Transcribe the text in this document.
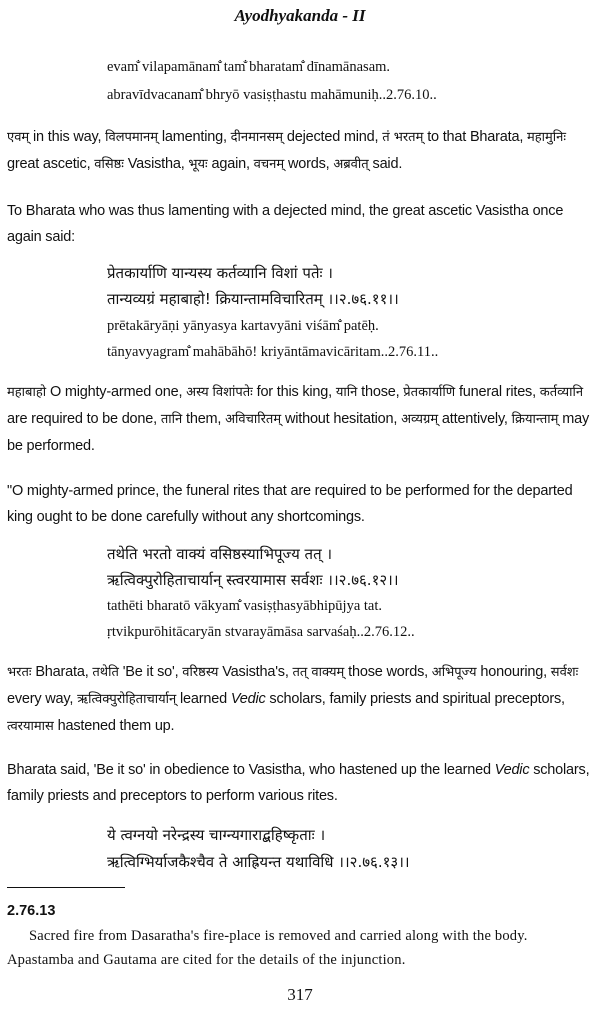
Ayodhyakanda - II
evam̐ vilapamānam̐ tam̐ bharatam̐ dīnamānasam.
abravīdvacanam̐ bhryō vasiṣṭhastu mahāmuniḥ..2.76.10..
एवम् in this way, विलपमानम् lamenting, दीनमानसम् dejected mind, तं भरतम् to that Bharata, महामुनिः great ascetic, वसिष्ठः Vasistha, भूयः again, वचनम् words, अब्रवीत् said.
To Bharata who was thus lamenting with a dejected mind, the great ascetic Vasistha once again said:
प्रेतकार्याणि यान्यस्य कर्तव्यानि विशां पतेः ।
तान्यव्यग्रं महाबाहो! क्रियान्तामविचारितम् ।।२.७६.११।।
prētakāryāṇi yānyasya kartavyāni viśām̐ patēḥ.
tānyavyagram̐ mahābāhō! kriyāntāmavicāritam..2.76.11..
महाबाहो O mighty-armed one, अस्य विशांपतेः for this king, यानि those, प्रेतकार्याणि funeral rites, कर्तव्यानि are required to be done, तानि them, अविचारितम् without hesitation, अव्यग्रम् attentively, क्रियान्ताम् may be performed.
"O mighty-armed prince, the funeral rites that are required to be performed for the departed king ought to be done carefully without any shortcomings.
तथेति भरतो वाक्यं वसिष्ठस्याभिपूज्य तत् ।
ऋत्विक्पुरोहिताचार्यान् स्त्वरयामास सर्वशः ।।२.७६.१२।।
tathēti bharatō vākyam̐ vasiṣṭhasyābhipūjya tat.
ṛtvikpurōhitācaryān stvarayāmāsa sarvaśaḥ..2.76.12..
भरतः Bharata, तथेति 'Be it so', वरिष्ठस्य Vasistha's, तत् वाक्यम् those words, अभिपूज्य honouring, सर्वशः every way, ऋत्विक्पुरोहिताचार्यान् learned Vedic scholars, family priests and spiritual preceptors, त्वरयामास hastened them up.
Bharata said, 'Be it so' in obedience to Vasistha, who hastened up the learned Vedic scholars, family priests and preceptors to perform various rites.
ये त्वग्नयो नरेन्द्रस्य चाग्न्यगाराद्बहिष्कृताः ।
ऋत्विग्भिर्याजकैश्चैव ते आह्रियन्त यथाविधि ।।२.७६.१३।।
2.76.13
Sacred fire from Dasaratha's fire-place is removed and carried along with the body. Apastamba and Gautama are cited for the details of the injunction.
317
